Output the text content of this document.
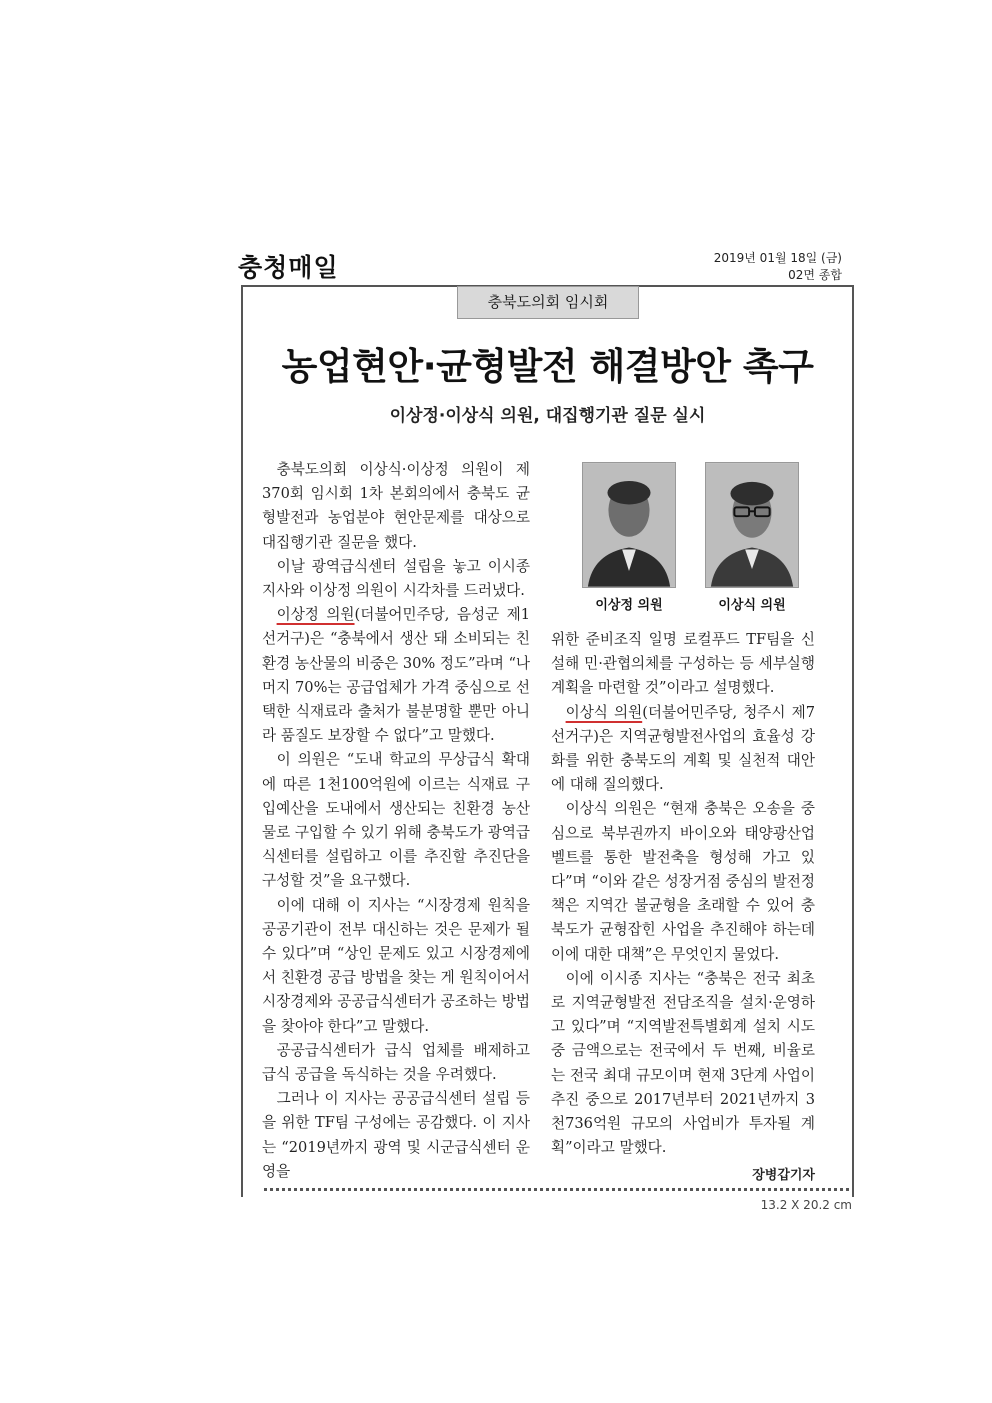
충청매일	2019년 01월 18일 (금)
02면 종합
충북도의회 임시회
농업현안·균형발전 해결방안 촉구
이상정·이상식 의원, 대집행기관 질문 실시
이상정 의원	이상식 의원

충북도의회 이상식·이상정 의원이 제370회 임시회 1차 본회의에서 충북도 균형발전과 농업분야 현안문제를 대상으로 대집행기관 질문을 했다.

이날 광역급식센터 설립을 놓고 이시종 지사와 이상정 의원이 시각차를 드러냈다.

이상정 의원(더불어민주당, 음성군 제1선거구)은 “충북에서 생산 돼 소비되는 친환경 농산물의 비중은 30% 정도”라며 “나머지 70%는 공급업체가 가격 중심으로 선택한 식재료라 출처가 불분명할 뿐만 아니라 품질도 보장할 수 없다”고 말했다.

이 의원은 “도내 학교의 무상급식 확대에 따른 1천100억원에 이르는 식재료 구입예산을 도내에서 생산되는 친환경 농산물로 구입할 수 있기 위해 충북도가 광역급식센터를 설립하고 이를 추진할 추진단을 구성할 것”을 요구했다.

이에 대해 이 지사는 “시장경제 원칙을 공공기관이 전부 대신하는 것은 문제가 될 수 있다”며 “상인 문제도 있고 시장경제에서 친환경 공급 방법을 찾는 게 원칙이어서 시장경제와 공공급식센터가 공조하는 방법을 찾아야 한다”고 말했다.

공공급식센터가 급식 업체를 배제하고 급식 공급을 독식하는 것을 우려했다.

그러나 이 지사는 공공급식센터 설립 등을 위한 TF팀 구성에는 공감했다. 이 지사는 “2019년까지 광역 및 시군급식센터 운영을

위한 준비조직 일명 로컬푸드 TF팀을 신설해 민·관협의체를 구성하는 등 세부실행계획을 마련할 것”이라고 설명했다.

이상식 의원(더불어민주당, 청주시 제7선거구)은 지역균형발전사업의 효율성 강화를 위한 충북도의 계획 및 실천적 대안에 대해 질의했다.

이상식 의원은 “현재 충북은 오송을 중심으로 북부권까지 바이오와 태양광산업 벨트를 통한 발전축을 형성해 가고 있다”며 “이와 같은 성장거점 중심의 발전정책은 지역간 불균형을 초래할 수 있어 충북도가 균형잡힌 사업을 추진해야 하는데 이에 대한 대책”은 무엇인지 물었다.

이에 이시종 지사는 “충북은 전국 최초로 지역균형발전 전담조직을 설치·운영하고 있다”며 “지역발전특별회계 설치 시도 중 금액으로는 전국에서 두 번째, 비율로는 전국 최대 규모이며 현재 3단계 사업이 추진 중으로 2017년부터 2021년까지 3천736억원 규모의 사업비가 투자될 계획”이라고 말했다.

장병갑기자
13.2 X 20.2 cm
